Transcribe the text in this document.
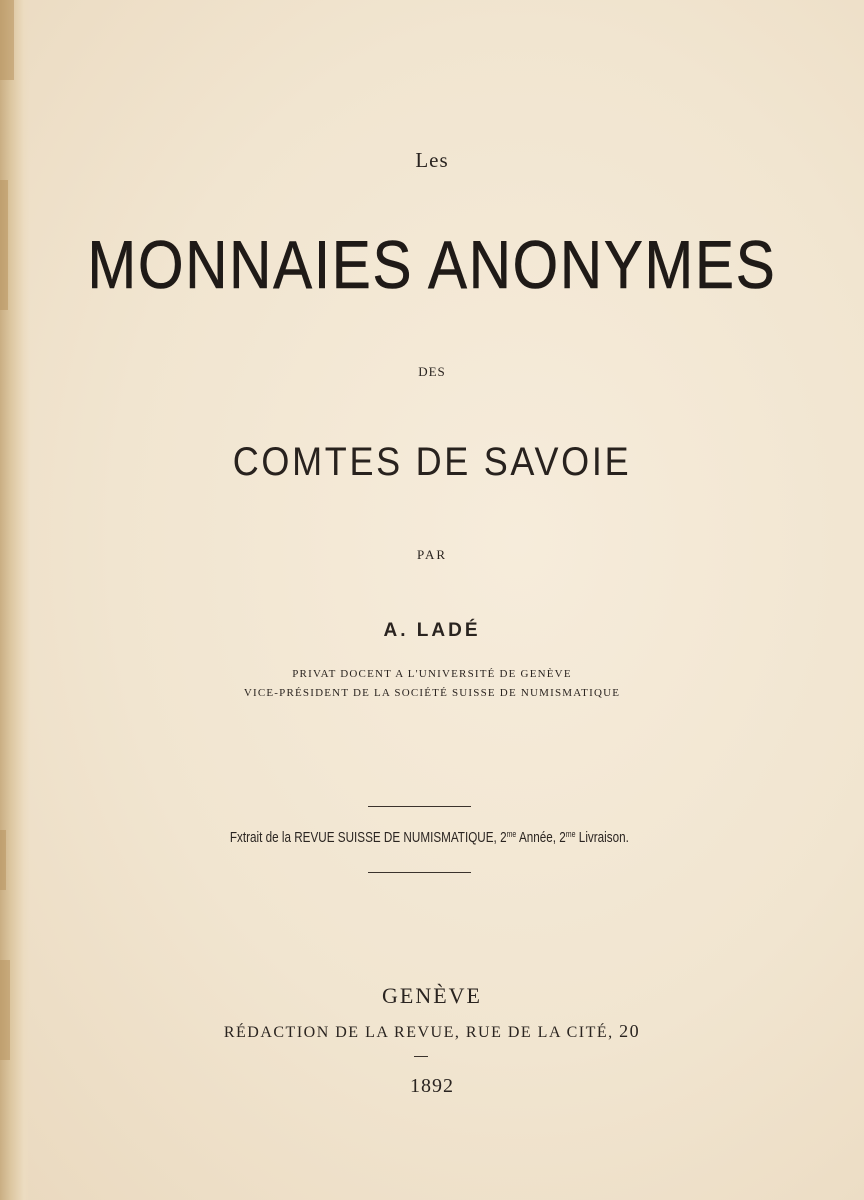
Les
MONNAIES ANONYMES
DES
COMTES DE SAVOIE
PAR
A. LADÉ
PRIVAT DOCENT A L'UNIVERSITÉ DE GENÈVE
VICE-PRÉSIDENT DE LA SOCIÉTÉ SUISSE DE NUMISMATIQUE
Fxtrait de la REVUE SUISSE DE NUMISMATIQUE, $2^{me}$ Année, $2^{me}$ Livraison.
GENÈVE
RÉDACTION DE LA REVUE, RUE DE LA CITÉ, 20
1892
